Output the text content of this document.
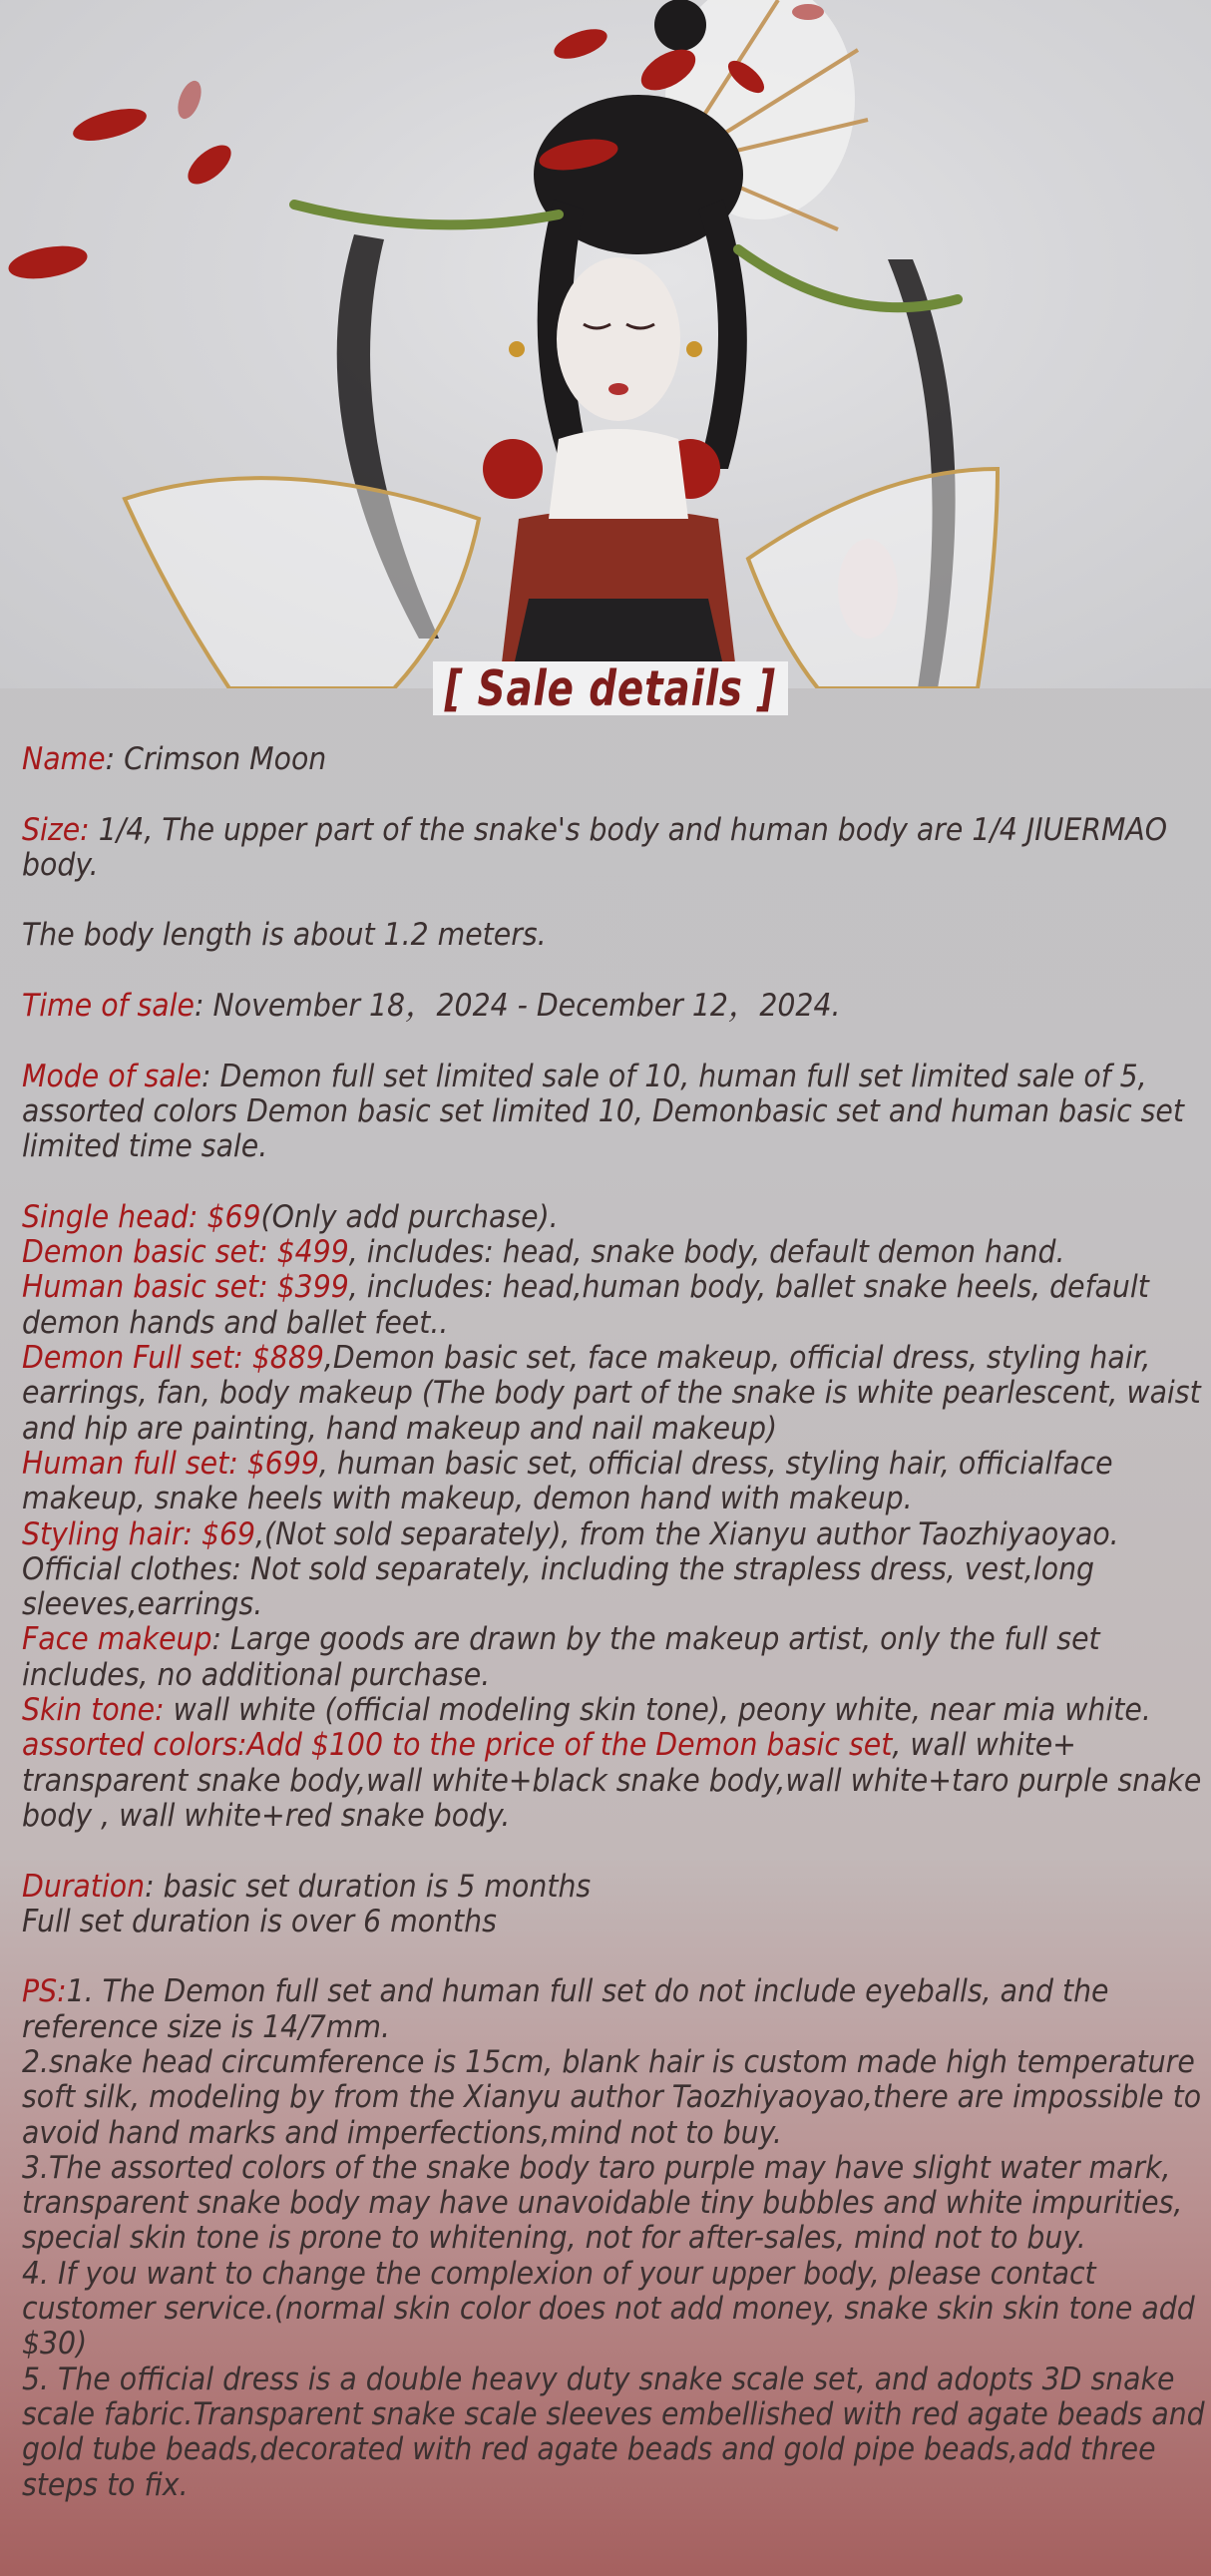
[ Sale details ]

Name: Crimson Moon

Size: 1/4, The upper part of the snake's body and human body are 1/4 JIUERMAO body.

The body length is about 1.2 meters.

Time of sale: November 18，2024 - December 12，2024.

Mode of sale: Demon full set limited sale of 10, human full set limited sale of 5, assorted colors Demon basic set limited 10, Demonbasic set and human basic set limited time sale.

Single head: $69(Only add purchase).

Demon basic set: $499, includes: head, snake body, default demon hand.

Human basic set: $399, includes: head,human body, ballet snake heels, default demon hands and ballet feet..

Demon Full set: $889,Demon basic set, face makeup, official dress, styling hair, earrings, fan, body makeup (The body part of the snake is white pearlescent, waist and hip are painting, hand makeup and nail makeup)

Human full set: $699, human basic set, official dress, styling hair, officialface makeup, snake heels with makeup, demon hand with makeup.

Styling hair: $69,(Not sold separately), from the Xianyu author Taozhiyaoyao.

Official clothes: Not sold separately, including the strapless dress, vest,long sleeves,earrings.

Face makeup: Large goods are drawn by the makeup artist, only the full set includes, no additional purchase.

Skin tone: wall white (official modeling skin tone), peony white, near mia white.

assorted colors:Add $100 to the price of the Demon basic set, wall white+ transparent snake body,wall white+black snake body,wall white+taro purple snake body , wall white+red snake body.

Duration: basic set duration is 5 months

Full set duration is over 6 months

PS:1. The Demon full set and human full set do not include eyeballs, and the reference size is 14/7mm.

2.snake head circumference is 15cm, blank hair is custom made high temperature soft silk, modeling by from the Xianyu author Taozhiyaoyao,there are impossible to avoid hand marks and imperfections,mind not to buy.

3.The assorted colors of the snake body taro purple may have slight water mark, transparent snake body may have unavoidable tiny bubbles and white impurities, special skin tone is prone to whitening, not for after-sales, mind not to buy.

4. If you want to change the complexion of your upper body, please contact customer service.(normal skin color does not add money, snake skin skin tone add $30)

5. The official dress is a double heavy duty snake scale set, and adopts 3D snake scale fabric.Transparent snake scale sleeves embellished with red agate beads and gold tube beads,decorated with red agate beads and gold pipe beads,add three steps to fix.
